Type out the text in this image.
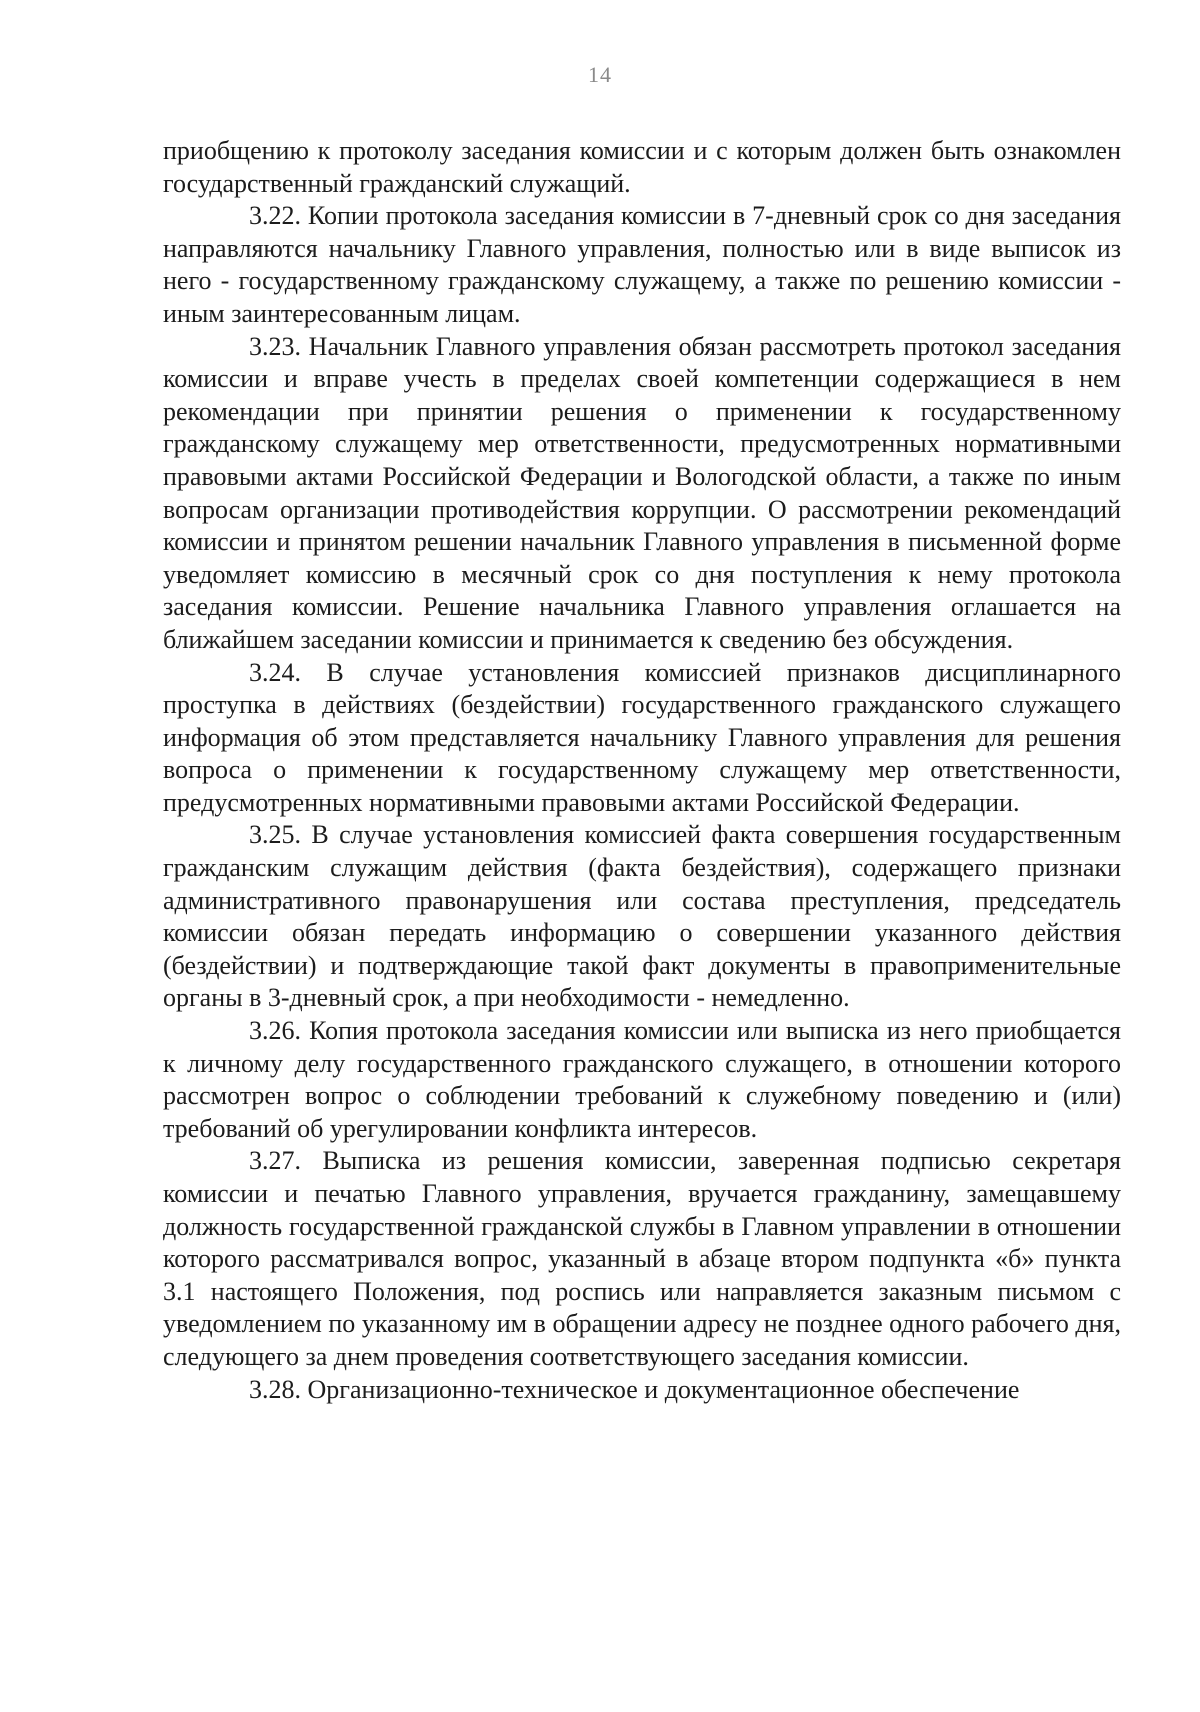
14

приобщению к протоколу заседания комиссии и с которым должен быть ознакомлен государственный гражданский служащий.

3.22. Копии протокола заседания комиссии в 7-дневный срок со дня заседания направляются начальнику Главного управления, полностью или в виде выписок из него - государственному гражданскому служащему, а также по решению комиссии - иным заинтересованным лицам.

3.23. Начальник Главного управления обязан рассмотреть протокол заседания комиссии и вправе учесть в пределах своей компетенции содержащиеся в нем рекомендации при принятии решения о применении к государственному гражданскому служащему мер ответственности, предусмотренных нормативными правовыми актами Российской Федерации и Вологодской области, а также по иным вопросам организации противодействия коррупции. О рассмотрении рекомендаций комиссии и принятом решении начальник Главного управления в письменной форме уведомляет комиссию в месячный срок со дня поступления к нему протокола заседания комиссии. Решение начальника Главного управления оглашается на ближайшем заседании комиссии и принимается к сведению без обсуждения.

3.24. В случае установления комиссией признаков дисциплинарного проступка в действиях (бездействии) государственного гражданского служащего информация об этом представляется начальнику Главного управления для решения вопроса о применении к государственному служащему мер ответственности, предусмотренных нормативными правовыми актами Российской Федерации.

3.25. В случае установления комиссией факта совершения государственным гражданским служащим действия (факта бездействия), содержащего признаки административного правонарушения или состава преступления, председатель комиссии обязан передать информацию о совершении указанного действия (бездействии) и подтверждающие такой факт документы в правоприменительные органы в 3-дневный срок, а при необходимости - немедленно.

3.26. Копия протокола заседания комиссии или выписка из него приобщается к личному делу государственного гражданского служащего, в отношении которого рассмотрен вопрос о соблюдении требований к служебному поведению и (или) требований об урегулировании конфликта интересов.

3.27. Выписка из решения комиссии, заверенная подписью секретаря комиссии и печатью Главного управления, вручается гражданину, замещавшему должность государственной гражданской службы в Главном управлении в отношении которого рассматривался вопрос, указанный в абзаце втором подпункта «б» пункта 3.1 настоящего Положения, под роспись или направляется заказным письмом с уведомлением по указанному им в обращении адресу не позднее одного рабочего дня, следующего за днем проведения соответствующего заседания комиссии.

3.28. Организационно-техническое и документационное обеспечение
